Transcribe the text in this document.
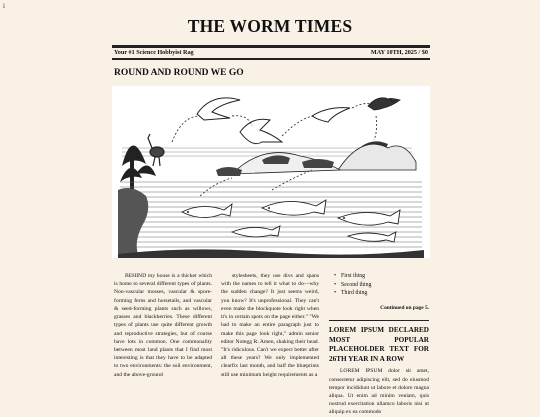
i
THE WORM TIMES
Your #1 Science Hobbyist Rag	MAY 10TH, 2025 / $0
ROUND AND ROUND WE GO

BEHIND my house is a thicket which is home to several different types of plants. Non-vascular mosses, vascular & spore-forming ferns and horsetails, and vascular & seed-forming plants such as willows, grasses and blackberries. These different types of plants use quite different growth and reproductive strategies, but of course have lots in common. One commonality between most land plants that I find most interesting is that they have to be adapted to two environments: the soil environment, and the above-ground

stylesheets, they use divs and spans with the names to tell it what to do—why the sudden change? It just seems weird, you know? It's unprofessional. They can't even make the blockquote look right when it's in certain spots on the page either." "We had to make an entire paragraph just to make this page look right," admin senior editor Notegg R. Amen, shaking their head. "It's ridiculous. Can't we expect better after all these years? We only implemented clearfix last month, and half the blueprints still use minimum height requirements as a

• First thing
• Second thing
• Third thing
Continued on page 5.
LOREM IPSUM DECLARED MOST POPULAR PLACEHOLDER TEXT FOR 26TH YEAR IN A ROW

LOREM IPSUM dolor sit amet, consectetur adipiscing elit, sed do eiusmod tempor incididunt ut labore et dolore magna aliqua. Ut enim ad minim veniam, quis nostrud exercitation ullamco laboris nisi ut aliquip ex ea commodo
